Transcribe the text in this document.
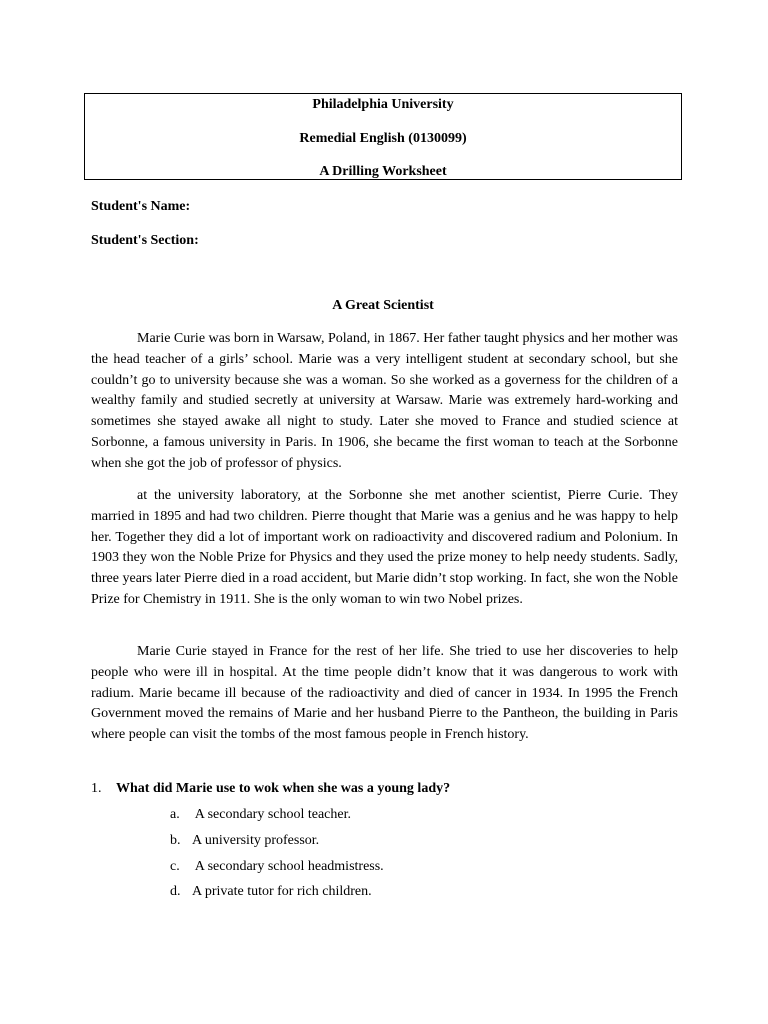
Philadelphia University
Remedial English (0130099)
A Drilling Worksheet
Student's Name:
Student's Section:
A Great Scientist

Marie Curie was born in Warsaw, Poland, in 1867. Her father taught physics and her mother was the head teacher of a girls’ school. Marie was a very intelligent student at secondary school, but she couldn’t go to university because she was a woman. So she worked as a governess for the children of a wealthy family and studied secretly at university at Warsaw. Marie was extremely hard-working and sometimes she stayed awake all night to study. Later she moved to France and studied science at Sorbonne, a famous university in Paris. In 1906, she became the first woman to teach at the Sorbonne when she got the job of professor of physics.

at the university laboratory, at the Sorbonne she met another scientist, Pierre Curie. They married in 1895 and had two children. Pierre thought that Marie was a genius and he was happy to help her. Together they did a lot of important work on radioactivity and discovered radium and Polonium. In 1903 they won the Noble Prize for Physics and they used the prize money to help needy students. Sadly, three years later Pierre died in a road accident, but Marie didn’t stop working. In fact, she won the Noble Prize for Chemistry in 1911. She is the only woman to win two Nobel prizes.

Marie Curie stayed in France for the rest of her life. She tried to use her discoveries to help people who were ill in hospital. At the time people didn’t know that it was dangerous to work with radium. Marie became ill because of the radioactivity and died of cancer in 1934. In 1995 the French Government moved the remains of Marie and her husband Pierre to the Pantheon, the building in Paris where people can visit the tombs of the most famous people in French history.

1.	What did Marie use to wok when she was a young lady?
a. A secondary school teacher.
b. A university professor.
c. A secondary school headmistress.
d. A private tutor for rich children.
